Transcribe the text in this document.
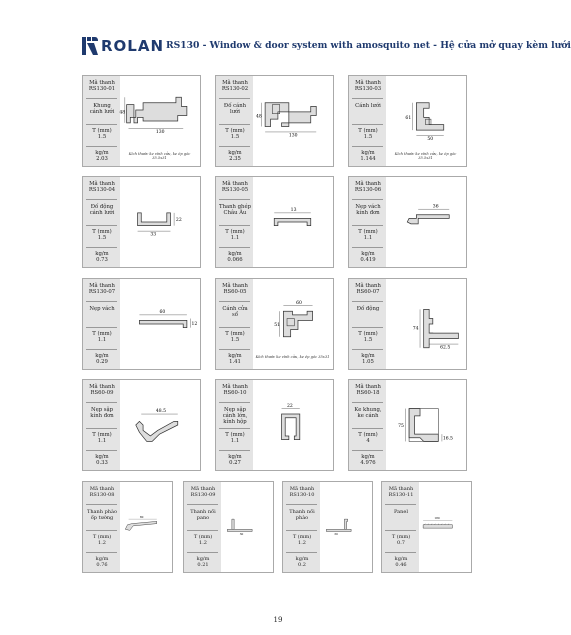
ROLAN RS130 - Window & door system with amosquito net - Hệ cửa mở quay kèm lưới
Mã thanh
RS130-01
Khung cánh lưới
T (mm)
1.5
kg/m
2.03
130
48
Kích thước ke vĩnh cửu, ke ép góc 35.5x31
Mã thanh
RS130-02
Đố cánh lưới
T (mm)
1.5
kg/m
2.35
130
48
Mã thanh
RS130-03
Cánh lưới
T (mm)
1.5
kg/m
1.144
50
61
Kích thước ke vĩnh cửu, ke ép góc 35.5x31
Mã thanh
RS130-04
Đố động cánh lưới
T (mm)
1.5
kg/m
0.73
33
22
Mã thanh
RS130-05
Thanh ghép Châu Âu
T (mm)
1.1
kg/m
0.066
13
Mã thanh
RS130-06
Nẹp vách kính đơn
T (mm)
1.1
kg/m
0.419
36
Mã thanh
RS130-07
Nẹp vách
T (mm)
1.1
kg/m
0.29
60
12
Mã thanh
RS60-05
Cánh cửa sổ
T (mm)
1.5
kg/m
1.41
60
51
Kích thước ke vĩnh cửu, ke ép góc 35x31
Mã thanh
RS60-07
Đố động
T (mm)
1.5
kg/m
1.05
62.5
74
Mã thanh
RS60-09
Nẹp sập kính đơn
T (mm)
1.1
kg/m
0.33
48.5
Mã thanh
RS60-10
Nẹp sập cánh lớn, kính hộp
T (mm)
1.1
kg/m
0.27
22
Mã thanh
RS60-18
Ke khung, ke cánh
T (mm)
4
kg/m
4.976
75
16.5
Mã thanh
RS130-08
Thanh phào ốp tường
T (mm)
1.2
kg/m
0.76
80
Mã thanh
RS130-09
Thanh nối pano
T (mm)
1.2
kg/m
0.21
30
Mã thanh
RS130-10
Thanh nối phào
T (mm)
1.2
kg/m
0.2
30
Mã thanh
RS130-11
Panel
T (mm)
0.7
kg/m
0.46
180
19
